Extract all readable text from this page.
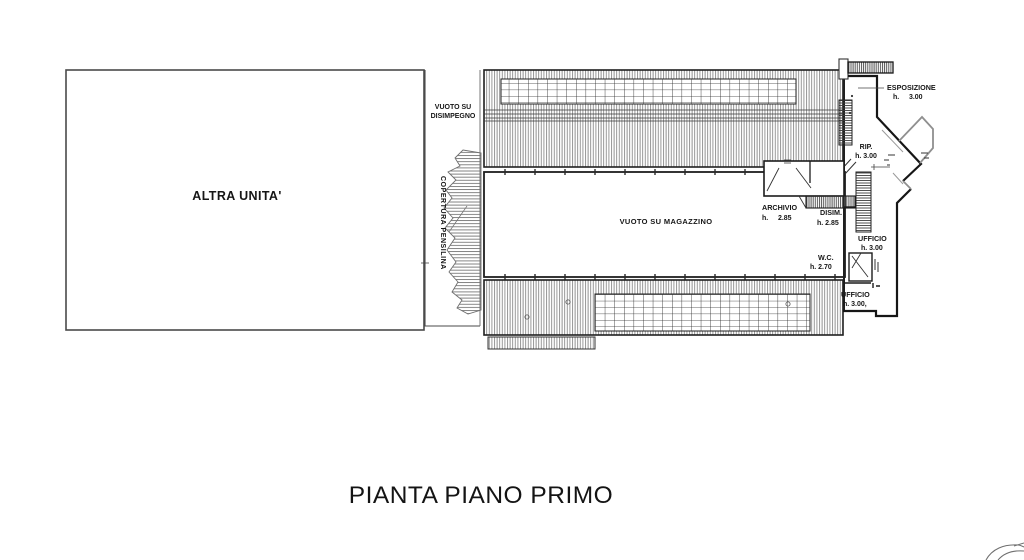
ALTRA UNITA'
VUOTO SU
DISIMPEGNO
COPERTURA PENSILINA	VUOTO SU MAGAZZINO
ESPOSIZIONE
h.     3.00
RIP.
h. 3.00
ARCHIVIO
h.     2.85
DISIM.
h. 2.85
UFFICIO
h. 3.00
W.C.
h. 2.70
UFFICIO
h. 3.00,
PIANTA PIANO PRIMO
